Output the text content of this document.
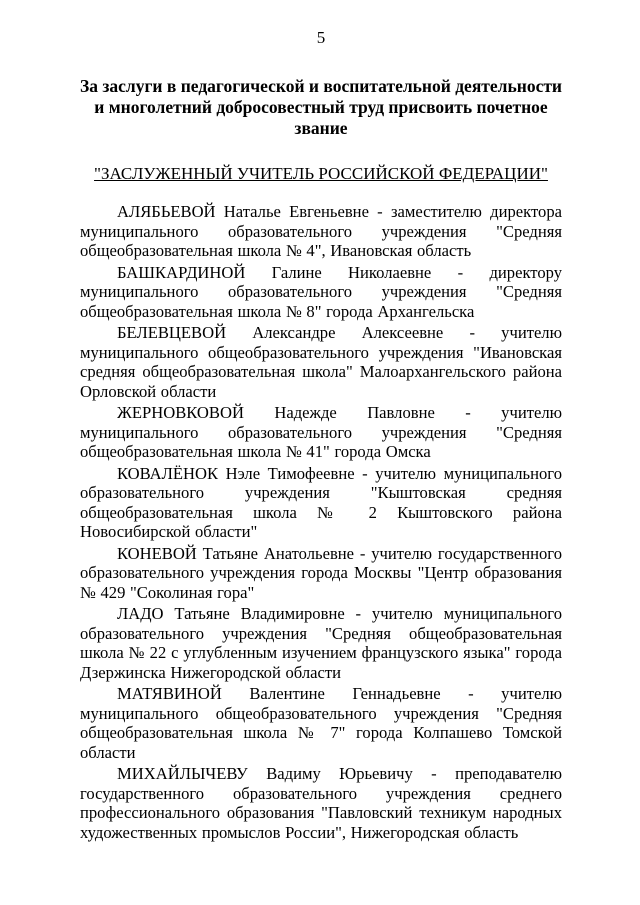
5

За заслуги в педагогической и воспитательной деятельности
и многолетний добросовестный труд присвоить почетное звание

"ЗАСЛУЖЕННЫЙ УЧИТЕЛЬ РОССИЙСКОЙ ФЕДЕРАЦИИ"

АЛЯБЬЕВОЙ Наталье Евгеньевне - заместителю директора муниципального образовательного учреждения "Средняя общеобразовательная школа № 4", Ивановская область

БАШКАРДИНОЙ Галине Николаевне - директору муниципального образовательного учреждения "Средняя общеобразовательная школа № 8" города Архангельска

БЕЛЕВЦЕВОЙ Александре Алексеевне - учителю муниципального общеобразовательного учреждения "Ивановская средняя общеобразовательная школа" Малоархангельского района Орловской области

ЖЕРНОВКОВОЙ Надежде Павловне - учителю муниципального образовательного учреждения "Средняя общеобразовательная школа № 41" города Омска

КОВАЛЁНОК Нэле Тимофеевне - учителю муниципального образовательного учреждения "Кыштовская средняя общеобразовательная школа № 2 Кыштовского района Новосибирской области"

КОНЕВОЙ Татьяне Анатольевне - учителю государственного образовательного учреждения города Москвы "Центр образования № 429 "Соколиная гора"

ЛАДО Татьяне Владимировне - учителю муниципального образовательного учреждения "Средняя общеобразовательная школа № 22 с углубленным изучением французского языка" города Дзержинска Нижегородской области

МАТЯВИНОЙ Валентине Геннадьевне - учителю муниципального общеобразовательного учреждения "Средняя общеобразовательная школа № 7" города Колпашево Томской области

МИХАЙЛЫЧЕВУ Вадиму Юрьевичу - преподавателю государственного образовательного учреждения среднего профессионального образования "Павловский техникум народных художественных промыслов России", Нижегородская область
